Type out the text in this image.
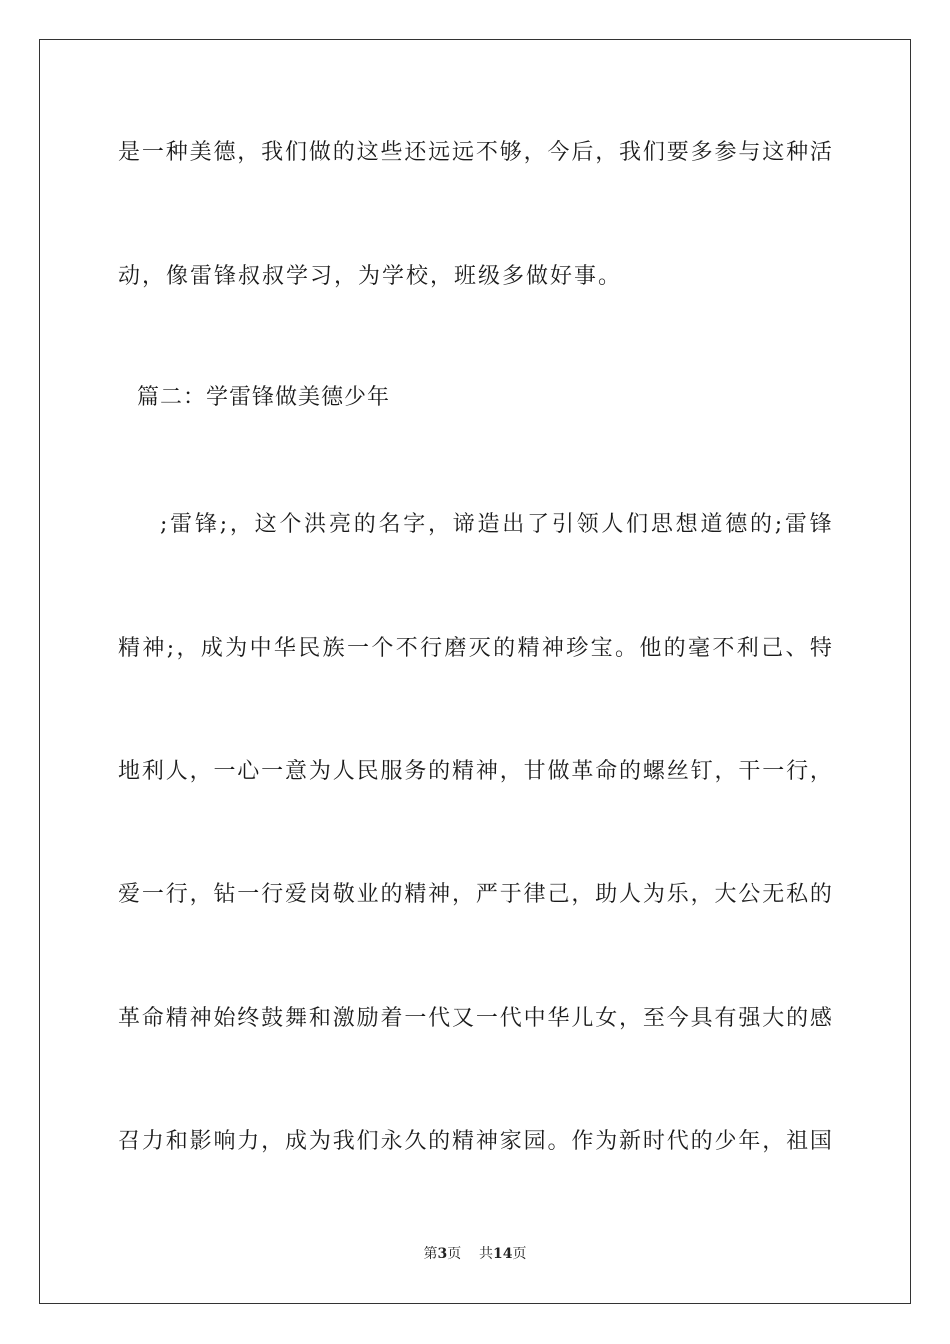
是 一 种 美 德 ， 我 们 做 的 这 些 还 远 远 不 够 ， 今 后 ， 我 们 要 多 参 与 这 种 活
动，像雷锋叔叔学习，为学校，班级多做好事。
篇二：学雷锋做美德少年
; 雷 锋 ; ， 这 个 洪 亮 的 名 字 ， 谛 造 出 了 引 领 人 们 思 想 道 德 的 ; 雷 锋
精 神 ; ， 成 为 中 华 民 族 一 个 不 行 磨 灭 的 精 神 珍 宝 。 他 的 毫 不 利 己 、 特
地 利 人 ， 一 心 一 意 为 人 民 服 务 的 精 神 ， 甘 做 革 命 的 螺 丝 钉 ， 干 一 行 ，
爱 一 行 ， 钻 一 行 爱 岗 敬 业 的 精 神 ， 严 于 律 己 ， 助 人 为 乐 ， 大 公 无 私 的
革 命 精 神 始 终 鼓 舞 和 激 励 着 一 代 又 一 代 中 华 儿 女 ， 至 今 具 有 强 大 的 感
召 力 和 影 响 力 ， 成 为 我 们 永 久 的 精 神 家 园 。 作 为 新 时 代 的 少 年 ， 祖 国
第3页 共14页
